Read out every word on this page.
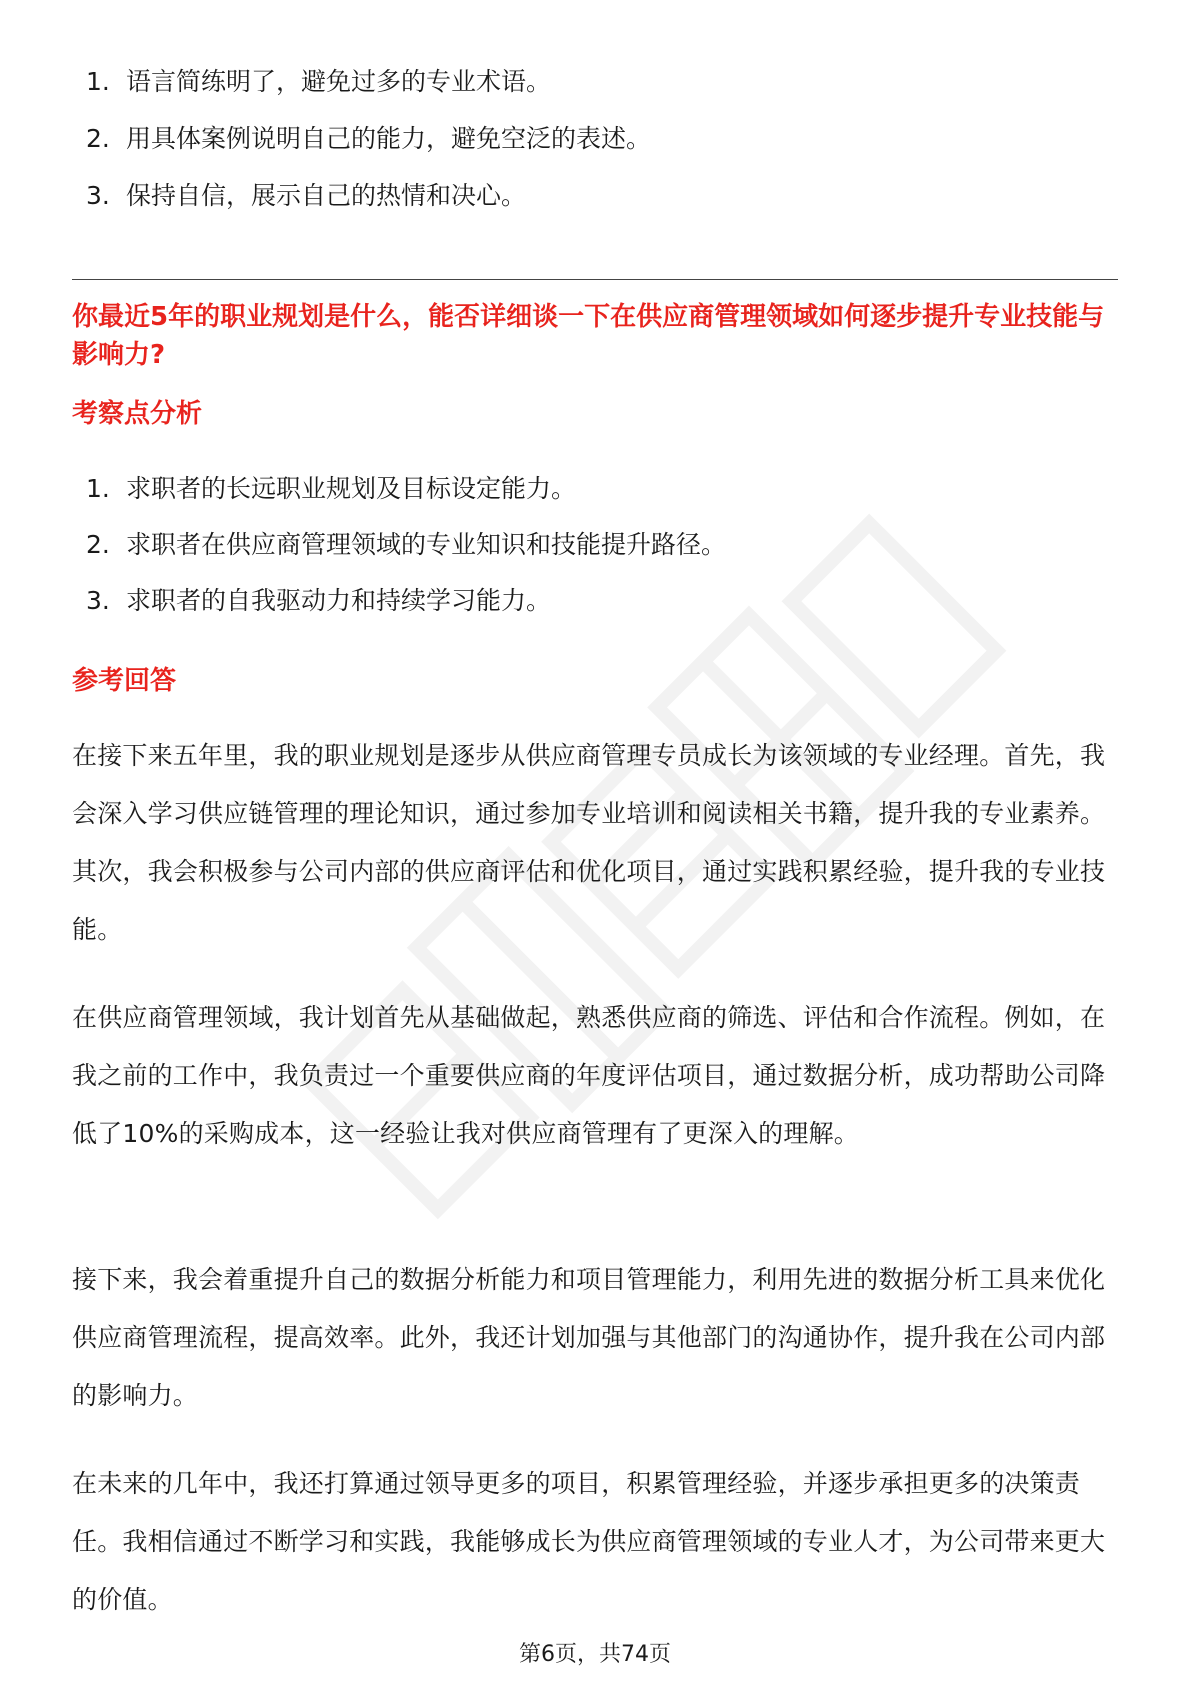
1. 语言简练明了，避免过多的专业术语。
2. 用具体案例说明自己的能力，避免空泛的表述。
3. 保持自信，展示自己的热情和决心。
你最近5年的职业规划是什么，能否详细谈一下在供应商管理领域如何逐步提升专业技能与影响力?
考察点分析
1. 求职者的长远职业规划及目标设定能力。
2. 求职者在供应商管理领域的专业知识和技能提升路径。
3. 求职者的自我驱动力和持续学习能力。
参考回答

在接下来五年里，我的职业规划是逐步从供应商管理专员成长为该领域的专业经理。首先，我会深入学习供应链管理的理论知识，通过参加专业培训和阅读相关书籍，提升我的专业素养。其次，我会积极参与公司内部的供应商评估和优化项目，通过实践积累经验，提升我的专业技能。

在供应商管理领域，我计划首先从基础做起，熟悉供应商的筛选、评估和合作流程。例如，在我之前的工作中，我负责过一个重要供应商的年度评估项目，通过数据分析，成功帮助公司降低了10%的采购成本，这一经验让我对供应商管理有了更深入的理解。

接下来，我会着重提升自己的数据分析能力和项目管理能力，利用先进的数据分析工具来优化供应商管理流程，提高效率。此外，我还计划加强与其他部门的沟通协作，提升我在公司内部的影响力。

在未来的几年中，我还打算通过领导更多的项目，积累管理经验，并逐步承担更多的决策责任。我相信通过不断学习和实践，我能够成长为供应商管理领域的专业人才，为公司带来更大的价值。

第6页，共74页
